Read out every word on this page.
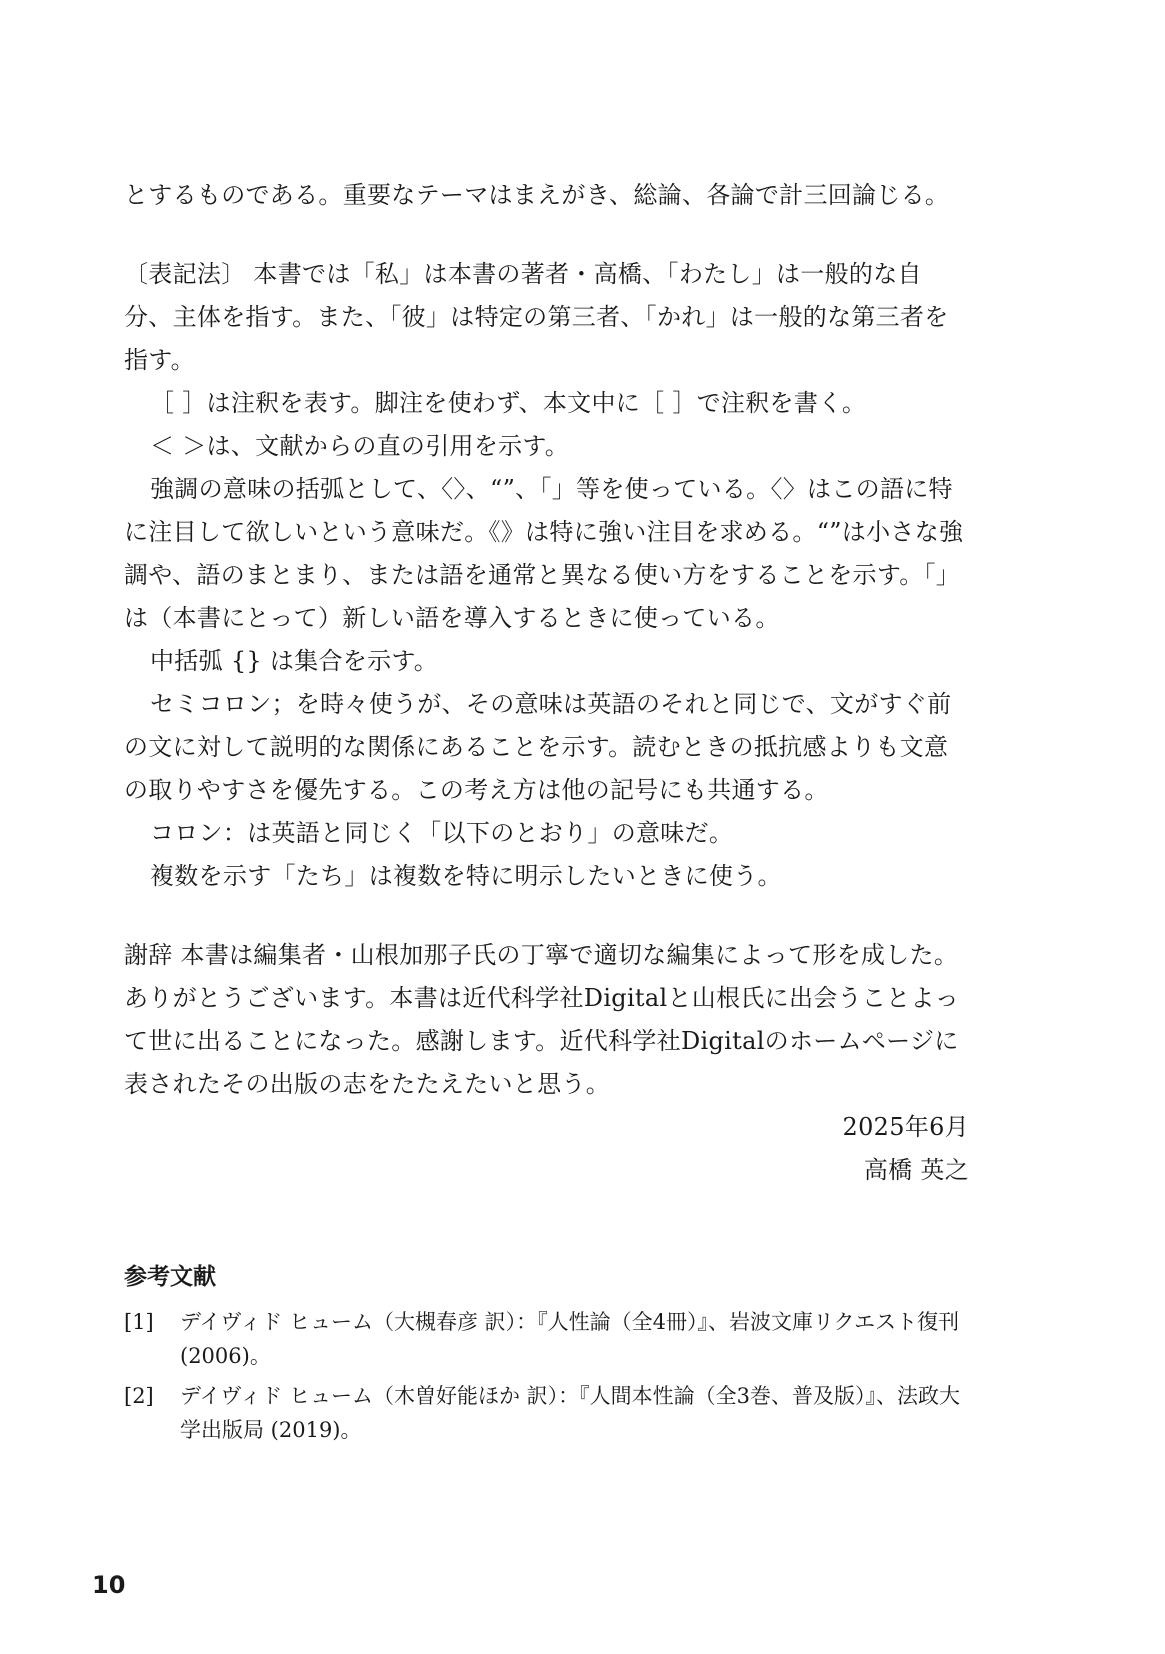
とするものである。重要なテーマはまえがき、総論、各論で計三回論じる。

〔表記法〕 本書では「私」は本書の著者・高橋、「わたし」は一般的な自分、主体を指す。また、「彼」は特定の第三者、「かれ」は一般的な第三者を指す。

［ ］は注釈を表す。脚注を使わず、本文中に［ ］で注釈を書く。

＜ ＞は、文献からの直の引用を示す。

強調の意味の括弧として、〈〉、“”、「」等を使っている。〈〉はこの語に特に注目して欲しいという意味だ。《》は特に強い注目を求める。“”は小さな強調や、語のまとまり、または語を通常と異なる使い方をすることを示す。「」は（本書にとって）新しい語を導入するときに使っている。

中括弧 {} は集合を示す。

セミコロン；を時々使うが、その意味は英語のそれと同じで、文がすぐ前の文に対して説明的な関係にあることを示す。読むときの抵抗感よりも文意の取りやすさを優先する。この考え方は他の記号にも共通する。

コロン：は英語と同じく「以下のとおり」の意味だ。

複数を示す「たち」は複数を特に明示したいときに使う。

謝辞 本書は編集者・山根加那子氏の丁寧で適切な編集によって形を成した。ありがとうございます。本書は近代科学社Digitalと山根氏に出会うことよって世に出ることになった。感謝します。近代科学社Digitalのホームページに表されたその出版の志をたたえたいと思う。

2025年6月

高橋 英之

参考文献
[1]	デイヴィド ヒューム（大槻春彦 訳）：『人性論（全4冊）』、岩波文庫リクエスト復刊 (2006)。
[2]	デイヴィド ヒューム（木曽好能ほか 訳）：『人間本性論（全3巻、普及版）』、法政大学出版局 (2019)。
10
